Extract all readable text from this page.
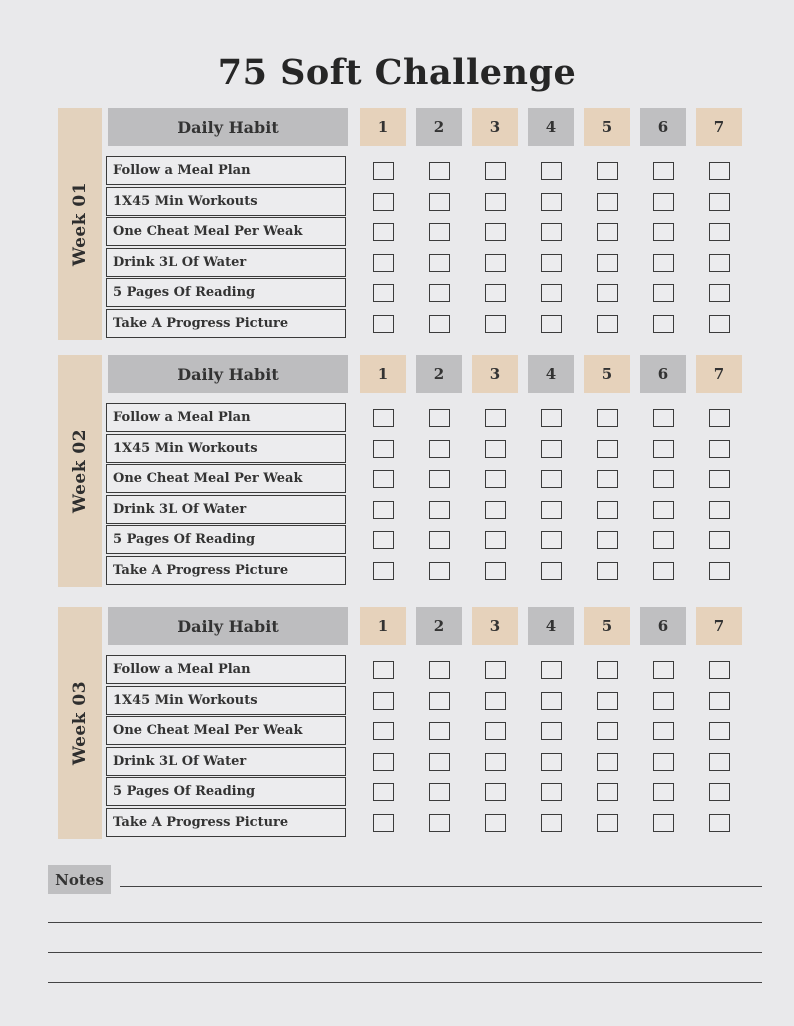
75 Soft Challenge
Week 01
Daily Habit	1	2	3	4	5	6	7
Follow a Meal Plan
1X45 Min Workouts
One Cheat Meal Per Weak
Drink 3L Of Water
5 Pages Of Reading
Take A Progress Picture
Week 02
Daily Habit	1	2	3	4	5	6	7
Follow a Meal Plan
1X45 Min Workouts
One Cheat Meal Per Weak
Drink 3L Of Water
5 Pages Of Reading
Take A Progress Picture
Week 03
Daily Habit	1	2	3	4	5	6	7
Follow a Meal Plan
1X45 Min Workouts
One Cheat Meal Per Weak
Drink 3L Of Water
5 Pages Of Reading
Take A Progress Picture
Notes
